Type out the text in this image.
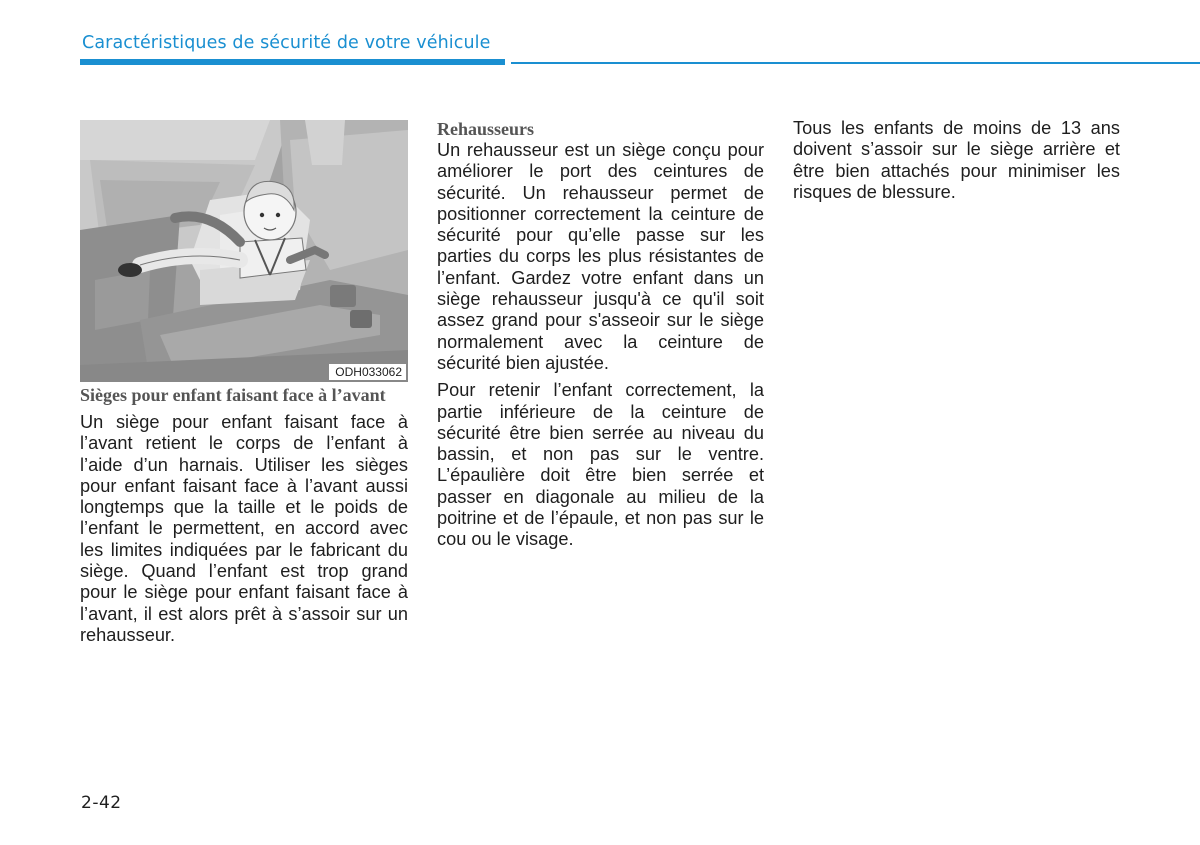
Caractéristiques de sécurité de votre véhicule
ODH033062

Sièges pour enfant faisant face à l’avant

Un siège pour enfant faisant face à l’avant retient le corps de l’enfant à l’aide d’un harnais. Utiliser les sièges pour enfant faisant face à l’avant aussi longtemps que la taille et le poids de l’enfant le permettent, en accord avec les limites indiquées par le fabricant du siège. Quand l’enfant est trop grand pour le siège pour enfant faisant face à l’avant, il est alors prêt à s’assoir sur un rehausseur.

Rehausseurs

Un rehausseur est un siège conçu pour améliorer le port des ceintures de sécurité. Un rehausseur permet de positionner correctement la ceinture de sécurité pour qu’elle passe sur les parties du corps les plus résistantes de l’enfant. Gardez votre enfant dans un siège rehausseur jusqu'à ce qu'il soit assez grand pour s'asseoir sur le siège normalement avec la ceinture de sécurité bien ajustée.

Pour retenir l’enfant correctement, la partie inférieure de la ceinture de sécurité être bien serrée au niveau du bassin, et non pas sur le ventre. L’épaulière doit être bien serrée et passer en diagonale au milieu de la poitrine et de l’épaule, et non pas sur le cou ou le visage.

Tous les enfants de moins de 13 ans doivent s’assoir sur le siège arrière et être bien attachés pour minimiser les risques de blessure.

2-42
